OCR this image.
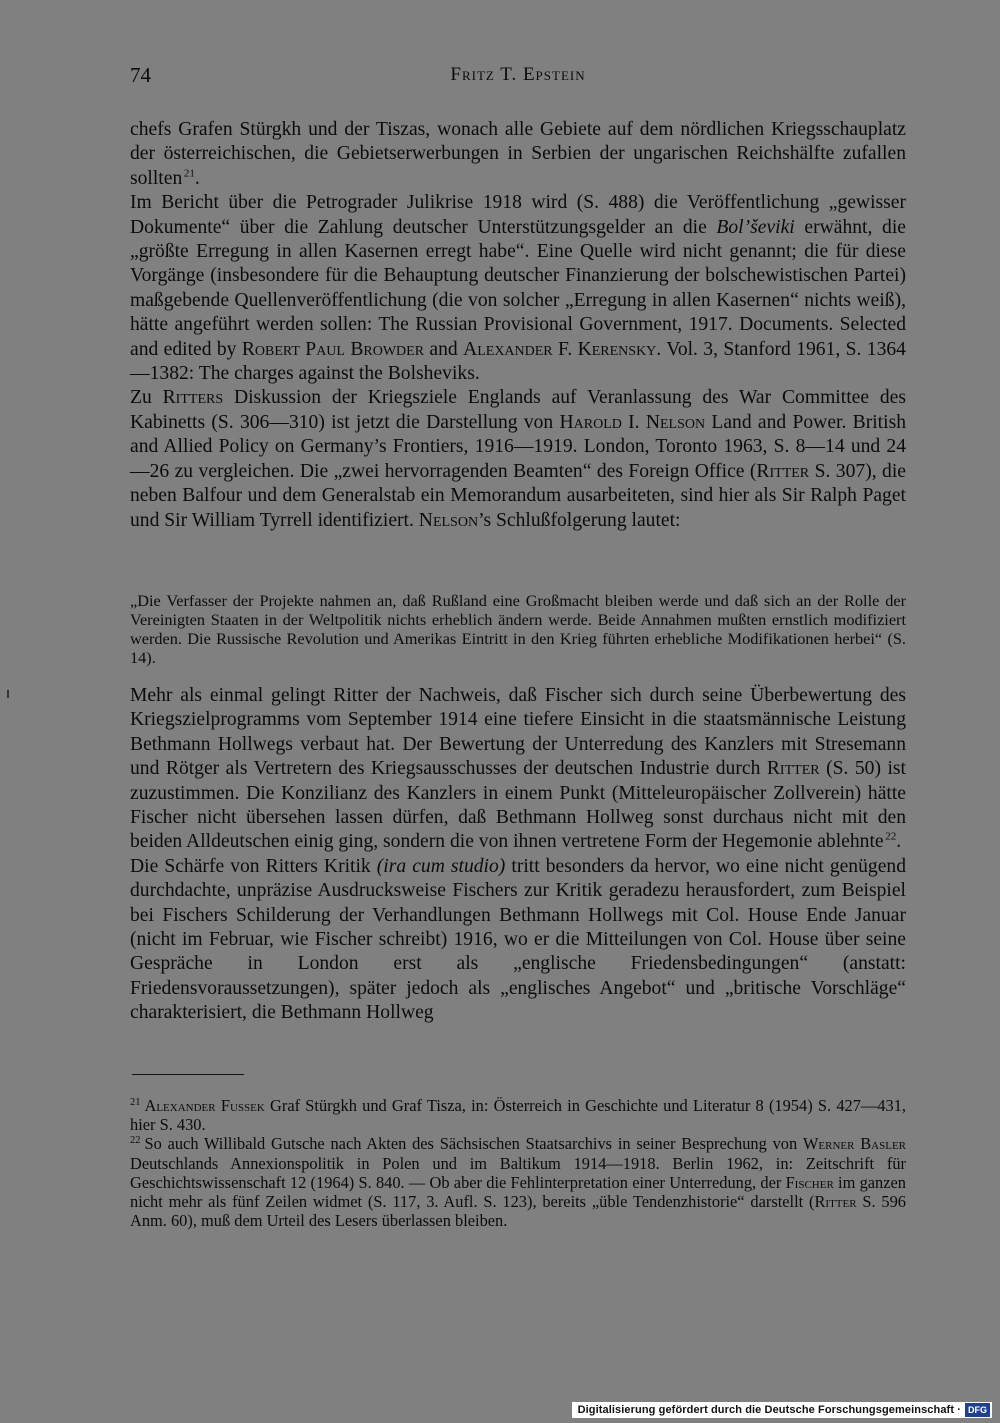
74	Fritz T. Epstein

chefs Grafen Stürgkh und der Tiszas, wonach alle Gebiete auf dem nördlichen Kriegsschauplatz der österreichischen, die Gebietserwerbungen in Serbien der ungarischen Reichshälfte zufallen sollten  $^{21}$.

Im Bericht über die Petrograder Julikrise 1918 wird (S. 488) die Veröffentlichung „gewisser Dokumente“ über die Zahlung deutscher Unterstützungsgelder an die Bol’ševiki erwähnt, die „größte Erregung in allen Kasernen erregt habe“. Eine Quelle wird nicht genannt; die für diese Vorgänge (insbesondere für die Behauptung deutscher Finanzierung der bolschewistischen Partei) maßgebende Quellenveröffentlichung (die von solcher „Erregung in allen Kasernen“ nichts weiß), hätte angeführt werden sollen: The Russian Provisional Government, 1917. Documents. Selected and edited by Robert Paul Browder and Alexander F. Kerensky. Vol. 3, Stanford 1961, S. 1364—1382: The charges against the Bolsheviks.

Zu Ritters Diskussion der Kriegsziele Englands auf Veranlassung des War Committee des Kabinetts (S. 306—310) ist jetzt die Darstellung von Harold I. Nelson Land and Power. British and Allied Policy on Germany’s Frontiers, 1916—1919. London, Toronto 1963, S. 8—14 und 24—26 zu vergleichen. Die „zwei hervorragenden Beamten“ des Foreign Office (Ritter S. 307), die neben Balfour und dem Generalstab ein Memorandum ausarbeiteten, sind hier als Sir Ralph Paget und Sir William Tyrrell identifiziert. Nelson’s Schlußfolgerung lautet:

„Die Verfasser der Projekte nahmen an, daß Rußland eine Großmacht bleiben werde und daß sich an der Rolle der Vereinigten Staaten in der Weltpolitik nichts erheblich ändern werde. Beide Annahmen mußten ernstlich modifiziert werden. Die Russische Revolution und Amerikas Eintritt in den Krieg führten erhebliche Modifikationen herbei“ (S. 14).

Mehr als einmal gelingt Ritter der Nachweis, daß Fischer sich durch seine Überbewertung des Kriegszielprogramms vom September 1914 eine tiefere Einsicht in die staatsmännische Leistung Bethmann Hollwegs verbaut hat. Der Bewertung der Unterredung des Kanzlers mit Stresemann und Rötger als Vertretern des Kriegsausschusses der deutschen Industrie durch Ritter (S. 50) ist zuzustimmen. Die Konzilianz des Kanzlers in einem Punkt (Mitteleuropäischer Zollverein) hätte Fischer nicht übersehen lassen dürfen, daß Bethmann Hollweg sonst durchaus nicht mit den beiden Alldeutschen einig ging, sondern die von ihnen vertretene Form der Hegemonie ablehnte  $^{22}$.

Die Schärfe von Ritters Kritik (ira cum studio) tritt besonders da hervor, wo eine nicht genügend durchdachte, unpräzise Ausdrucksweise Fischers zur Kritik geradezu herausfordert, zum Beispiel bei Fischers Schilderung der Verhandlungen Bethmann Hollwegs mit Col. House Ende Januar (nicht im Februar, wie Fischer schreibt) 1916, wo er die Mitteilungen von Col. House über seine Gespräche in London erst als „englische Friedensbedingungen“ (anstatt: Friedensvoraussetzungen), später jedoch als „englisches Angebot“ und „britische Vorschläge“ charakterisiert, die Bethmann Hollweg

$^{21}$ Alexander Fussek Graf Stürgkh und Graf Tisza, in: Österreich in Geschichte und Literatur 8 (1954) S. 427—431, hier S. 430.

$^{22}$ So auch Willibald Gutsche nach Akten des Sächsischen Staatsarchivs in seiner Besprechung von Werner Basler Deutschlands Annexionspolitik in Polen und im Baltikum 1914—1918. Berlin 1962, in: Zeitschrift für Geschichtswissenschaft 12 (1964) S. 840. — Ob aber die Fehlinterpretation einer Unterredung, der Fischer im ganzen nicht mehr als fünf Zeilen widmet (S. 117, 3. Aufl. S. 123), bereits „üble Tendenzhistorie“ darstellt (Ritter S. 596 Anm. 60), muß dem Urteil des Lesers überlassen bleiben.

Digitalisierung gefördert durch die Deutsche Forschungsgemeinschaft · DFG
